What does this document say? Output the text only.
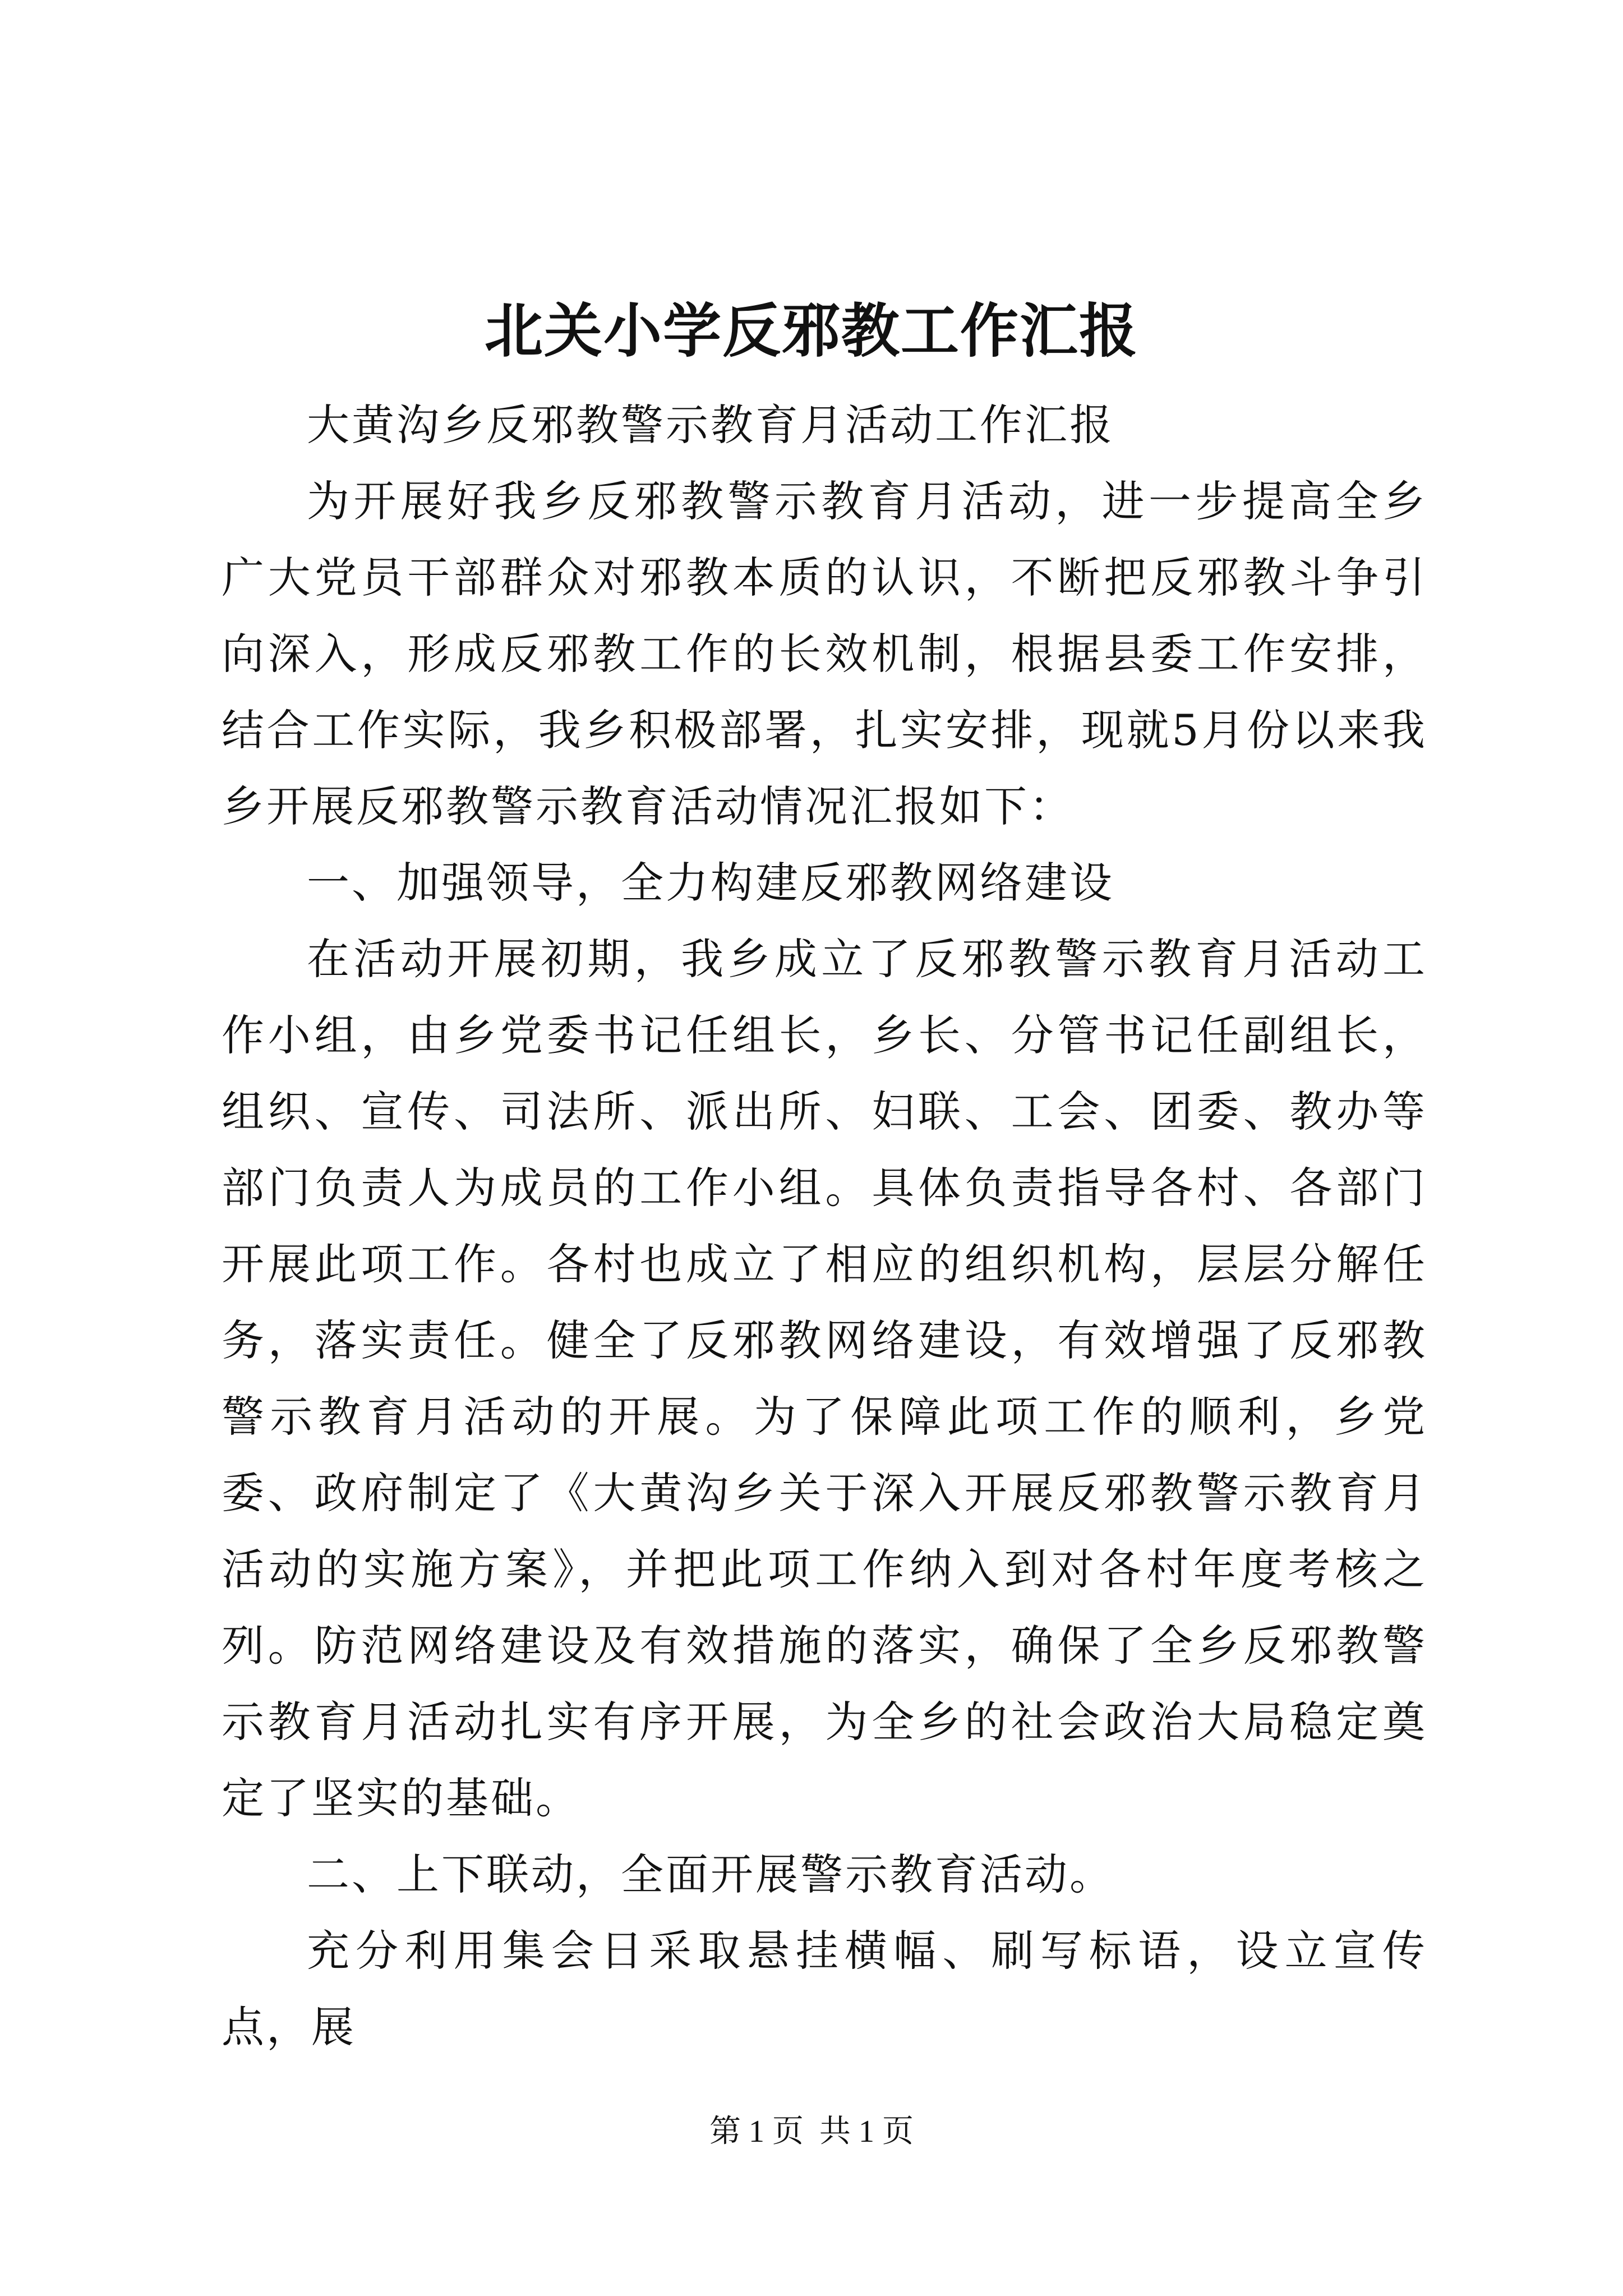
北关小学反邪教工作汇报

大黄沟乡反邪教警示教育月活动工作汇报

为开展好我乡反邪教警示教育月活动，进一步提高全乡广大党员干部群众对邪教本质的认识，不断把反邪教斗争引向深入，形成反邪教工作的长效机制，根据县委工作安排，结合工作实际，我乡积极部署，扎实安排，现就5月份以来我乡开展反邪教警示教育活动情况汇报如下：

一、加强领导，全力构建反邪教网络建设

在活动开展初期，我乡成立了反邪教警示教育月活动工作小组，由乡党委书记任组长，乡长、分管书记任副组长，组织、宣传、司法所、派出所、妇联、工会、团委、教办等部门负责人为成员的工作小组。具体负责指导各村、各部门开展此项工作。各村也成立了相应的组织机构，层层分解任务，落实责任。健全了反邪教网络建设，有效增强了反邪教警示教育月活动的开展。为了保障此项工作的顺利，乡党委、政府制定了《大黄沟乡关于深入开展反邪教警示教育月活动的实施方案》，并把此项工作纳入到对各村年度考核之列。防范网络建设及有效措施的落实，确保了全乡反邪教警示教育月活动扎实有序开展，为全乡的社会政治大局稳定奠定了坚实的基础。

二、上下联动，全面开展警示教育活动。

充分利用集会日采取悬挂横幅、刷写标语，设立宣传点，展

第 1 页 共 1 页
